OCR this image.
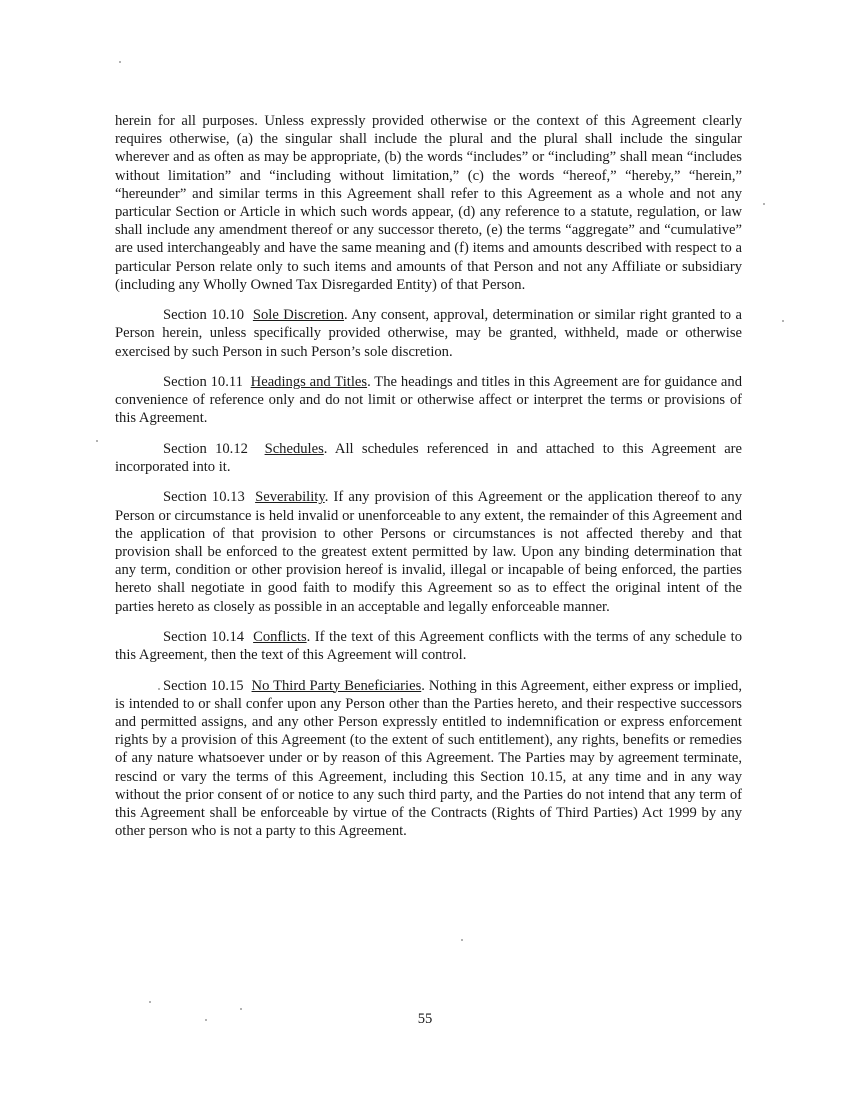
herein for all purposes. Unless expressly provided otherwise or the context of this Agreement clearly requires otherwise, (a) the singular shall include the plural and the plural shall include the singular wherever and as often as may be appropriate, (b) the words “includes” or “including” shall mean “includes without limitation” and “including without limitation,” (c) the words “hereof,” “hereby,” “herein,” “hereunder” and similar terms in this Agreement shall refer to this Agreement as a whole and not any particular Section or Article in which such words appear, (d) any reference to a statute, regulation, or law shall include any amendment thereof or any successor thereto, (e) the terms “aggregate” and “cumulative” are used interchangeably and have the same meaning and (f) items and amounts described with respect to a particular Person relate only to such items and amounts of that Person and not any Affiliate or subsidiary (including any Wholly Owned Tax Disregarded Entity) of that Person.

Section 10.10 Sole Discretion. Any consent, approval, determination or similar right granted to a Person herein, unless specifically provided otherwise, may be granted, withheld, made or otherwise exercised by such Person in such Person’s sole discretion.

Section 10.11 Headings and Titles. The headings and titles in this Agreement are for guidance and convenience of reference only and do not limit or otherwise affect or interpret the terms or provisions of this Agreement.

Section 10.12 Schedules. All schedules referenced in and attached to this Agreement are incorporated into it.

Section 10.13 Severability. If any provision of this Agreement or the application thereof to any Person or circumstance is held invalid or unenforceable to any extent, the remainder of this Agreement and the application of that provision to other Persons or circumstances is not affected thereby and that provision shall be enforced to the greatest extent permitted by law. Upon any binding determination that any term, condition or other provision hereof is invalid, illegal or incapable of being enforced, the parties hereto shall negotiate in good faith to modify this Agreement so as to effect the original intent of the parties hereto as closely as possible in an acceptable and legally enforceable manner.

Section 10.14 Conflicts. If the text of this Agreement conflicts with the terms of any schedule to this Agreement, then the text of this Agreement will control.

Section 10.15 No Third Party Beneficiaries. Nothing in this Agreement, either express or implied, is intended to or shall confer upon any Person other than the Parties hereto, and their respective successors and permitted assigns, and any other Person expressly entitled to indemnification or express enforcement rights by a provision of this Agreement (to the extent of such entitlement), any rights, benefits or remedies of any nature whatsoever under or by reason of this Agreement. The Parties may by agreement terminate, rescind or vary the terms of this Agreement, including this Section 10.15, at any time and in any way without the prior consent of or notice to any such third party, and the Parties do not intend that any term of this Agreement shall be enforceable by virtue of the Contracts (Rights of Third Parties) Act 1999 by any other person who is not a party to this Agreement.

55
